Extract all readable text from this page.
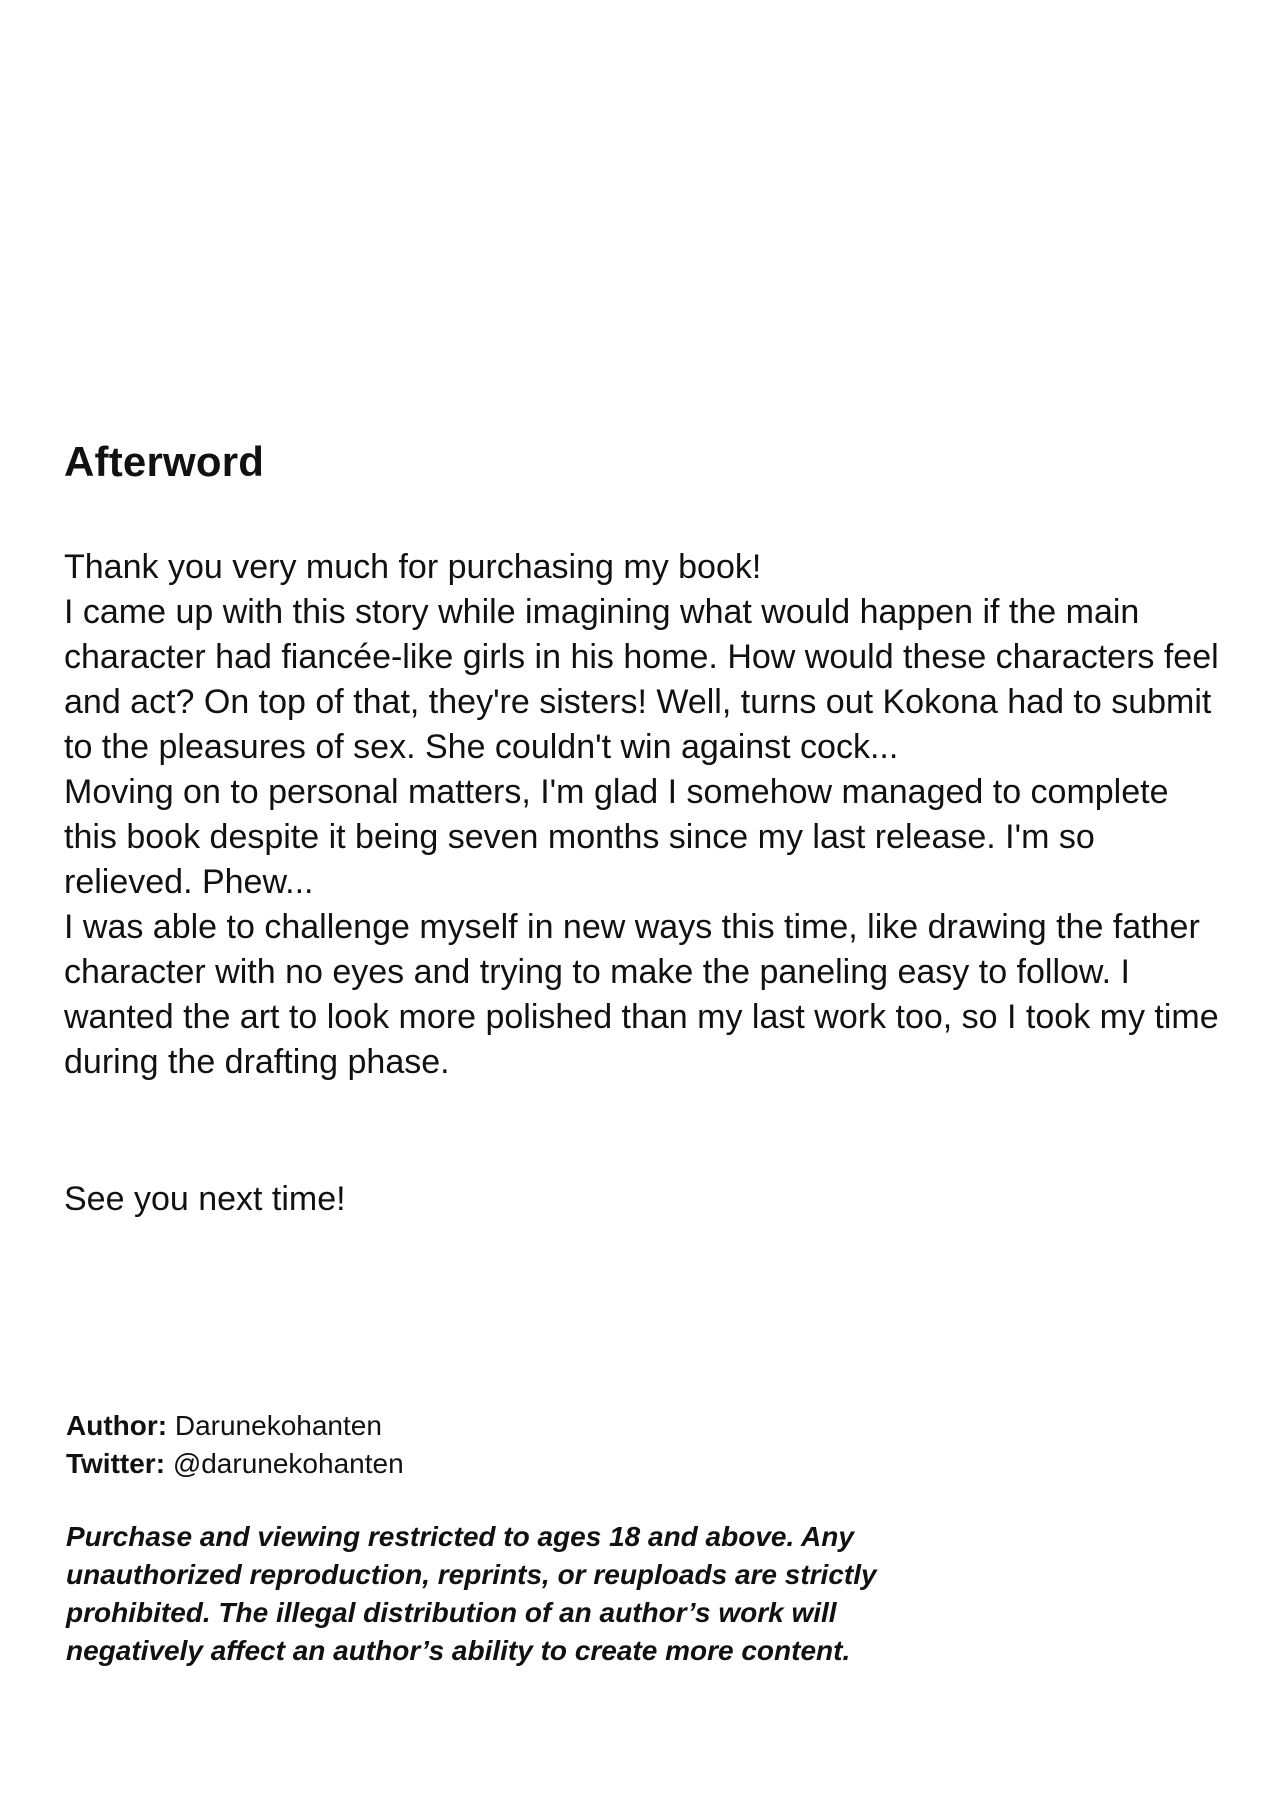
Afterword

Thank you very much for purchasing my book!

I came up with this story while imagining what would happen if the main character had fiancée-like girls in his home. How would these characters feel and act? On top of that, they're sisters! Well, turns out Kokona had to submit to the pleasures of sex. She couldn't win against cock...

Moving on to personal matters, I'm glad I somehow managed to complete this book despite it being seven months since my last release. I'm so relieved. Phew...

I was able to challenge myself in new ways this time, like drawing the father character with no eyes and trying to make the paneling easy to follow. I wanted the art to look more polished than my last work too, so I took my time during the drafting phase.

See you next time!

Author: Darunekohanten
Twitter: @darunekohanten

Purchase and viewing restricted to ages 18 and above. Any unauthorized reproduction, reprints, or reuploads are strictly prohibited. The illegal distribution of an author’s work will negatively affect an author’s ability to create more content.
